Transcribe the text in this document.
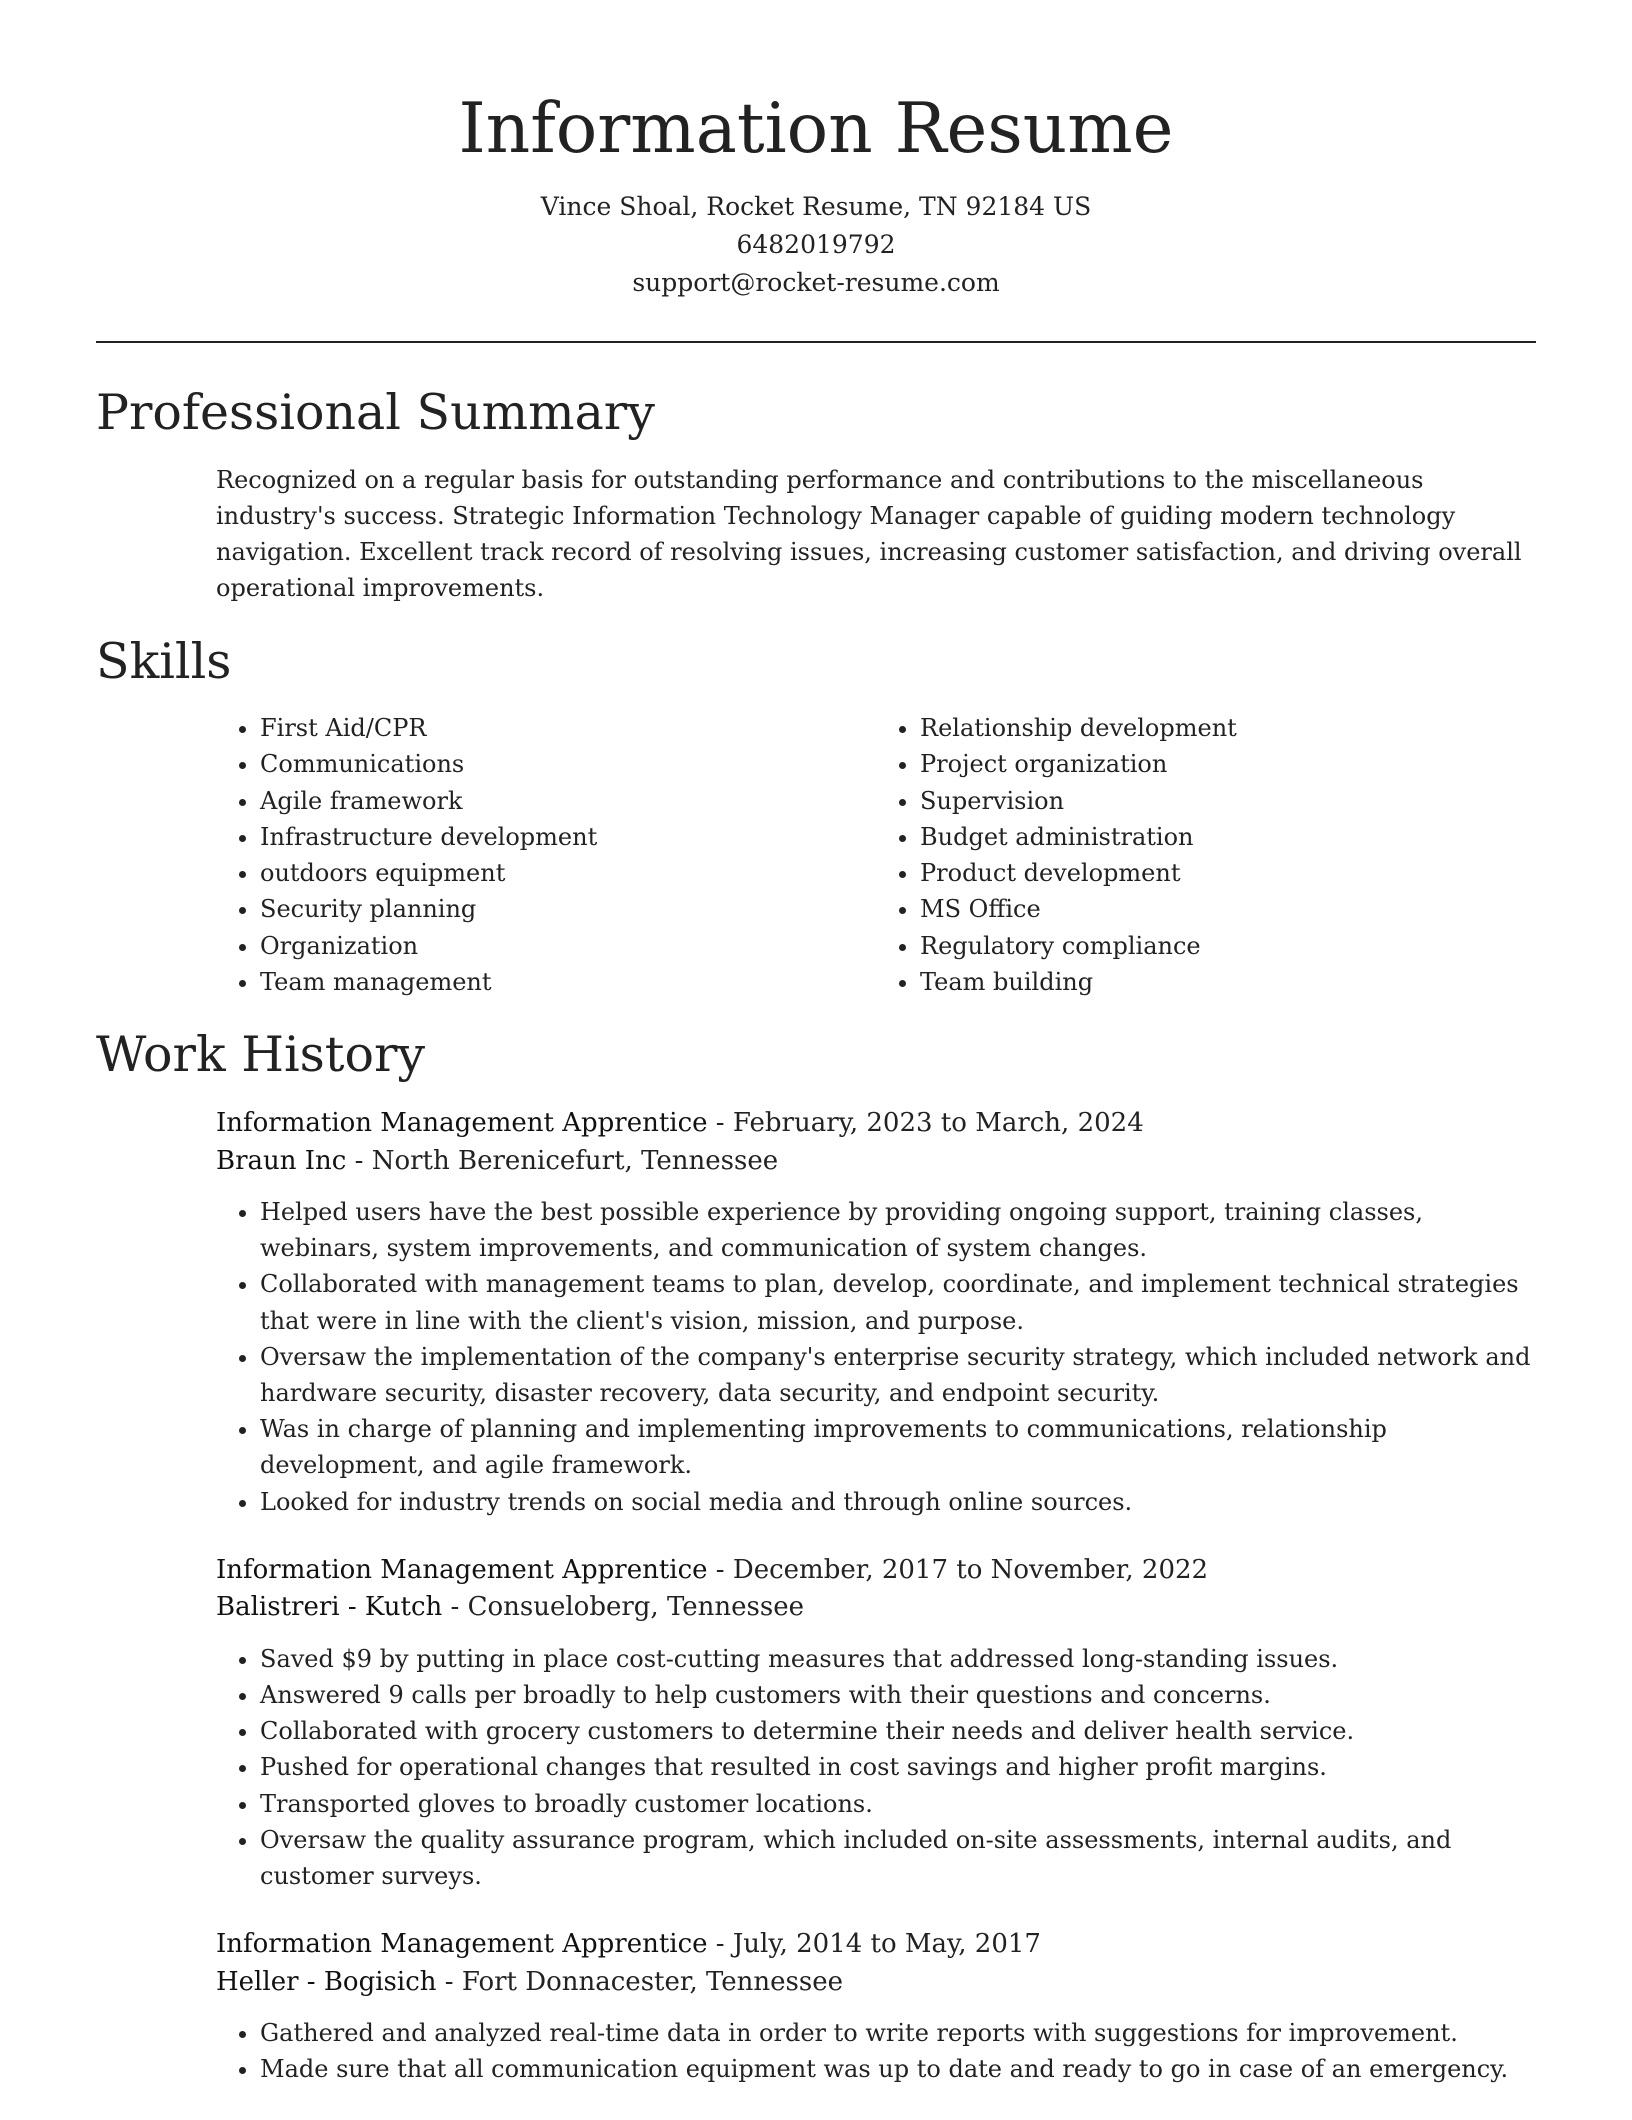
Information Resume
Vince Shoal, Rocket Resume, TN 92184 US
6482019792
support@rocket-resume.com
Professional Summary

Recognized on a regular basis for outstanding performance and contributions to the miscellaneous industry's success. Strategic Information Technology Manager capable of guiding modern technology navigation. Excellent track record of resolving issues, increasing customer satisfaction, and driving overall operational improvements.

Skills
• First Aid/CPR
• Communications
• Agile framework
• Infrastructure development
• outdoors equipment
• Security planning
• Organization
• Team management
• Relationship development
• Project organization
• Supervision
• Budget administration
• Product development
• MS Office
• Regulatory compliance
• Team building
Work History
Information Management Apprentice - February, 2023 to March, 2024
Braun Inc - North Berenicefurt, Tennessee
• Helped users have the best possible experience by providing ongoing support, training classes, webinars, system improvements, and communication of system changes.
• Collaborated with management teams to plan, develop, coordinate, and implement technical strategies that were in line with the client's vision, mission, and purpose.
• Oversaw the implementation of the company's enterprise security strategy, which included network and hardware security, disaster recovery, data security, and endpoint security.
• Was in charge of planning and implementing improvements to communications, relationship development, and agile framework.
• Looked for industry trends on social media and through online sources.
Information Management Apprentice - December, 2017 to November, 2022
Balistreri - Kutch - Consueloberg, Tennessee
• Saved $9 by putting in place cost-cutting measures that addressed long-standing issues.
• Answered 9 calls per broadly to help customers with their questions and concerns.
• Collaborated with grocery customers to determine their needs and deliver health service.
• Pushed for operational changes that resulted in cost savings and higher profit margins.
• Transported gloves to broadly customer locations.
• Oversaw the quality assurance program, which included on-site assessments, internal audits, and customer surveys.
Information Management Apprentice - July, 2014 to May, 2017
Heller - Bogisich - Fort Donnacester, Tennessee
• Gathered and analyzed real-time data in order to write reports with suggestions for improvement.
• Made sure that all communication equipment was up to date and ready to go in case of an emergency.
